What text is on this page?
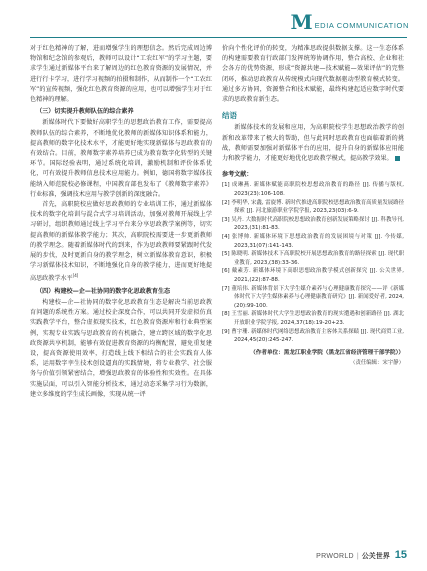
M EDIA COMMUNICATION

对于红色精神的了解，进而增强学生的理想信念。然后完成周边博物馆和纪念馆的参观后，教师可以设计“工农红军”的学习主题，要求学生通过新媒体平台来了解周边的红色教育资源的发展情况，并进行行卡学习，进行学习视频的拍摄和制作，从而制作一个“工农红军”的宣传视频，强化红色教育资源的应用，也可以增强学生对于红色精神的理解。

（三）切实提升教师队伍的综合素养

新媒体时代下要做好高职学生的思想政治教育工作，需要提高教师队伍的综合素养，不断地优化教师的新媒体知识体系和能力，提高教师的数字化技术水平，才能更好地实现新媒体与思政教育的有效结合。目前，教师数字素养培养已成为教育数字化转型的关键环节。国际经验表明，通过系统化培训，激励机制和评价体系优化，可有效提升教师信息技术应用能力。例如，德国将数字媒体技能纳入师范院校必修课程，中国教育部也发布了《教师数字素养》行业标准，强调技术应用与教学创新的深度融合。

首先，高职院校应做好思政教师的专业培训工作，通过新媒体技术的数字化培训与混合式学习培训活动，加强对教师开展线上学习研讨，组织教师通过线上学习平台来分享思政教学案例等，切实提高教师的新媒体教学能力；其次，高职院校需要进一步更新教师的教学理念。随着新媒体时代的到来，作为思政教师要紧跟时代发展的步伐，及时更新自身的教学理念，树立新媒体教育意识，积极学习新媒体技术知识，不断地强化自身的教学能力，进而更好地提高思政教学水平[4]

（四）构建校—企—社协同的数字化思政教育生态

构建校—企—社协同的数字化思政教育生态是解决当前思政教育问题的系统性方案。通过校企深度合作，可以共同开发虚拟仿真实践教学平台，整合虚拟现实技术，红色教育资源库和行业典型案例，实现专业实践与思政教育的有机融合，建立跨区域的数字化思政资源共享机制，能够有效促进教育资源的均衡配置，避免重复建设，提高资源使用效率，打造线上线下相结合的社会实践育人体系，运用数字孪生技术创设逼真的实践情境，将专业教学、社会服务与价值引领紧密结合，增强思政教育的体验性和实效性。在具体实施层面，可以引入智能分析技术，通过动态采集学习行为数据，建立多维度的学生成长画像，实现从统一评

价向个性化评价的转变，为精准思政提供数据支撑。这一生态体系的构建需要教育行政部门发挥统筹协调作用，整合高校、企业和社会各方的优势资源，形成“资源共建—技术赋能—效果评估”的完整闭环，推动思政教育从传统模式向现代数据驱动型教育模式转变。通过多方协同，资源整合和技术赋能，最终构建起适应数字时代要求的思政教育新生态。

结语

新媒体技术的发展和应用，为高职院校学生思想政治教学的创新和改革带来了极大的帮助，但与此同时思政教育也面临着新的挑战，教师需要加强对新媒体平台的应用，提升自身的新媒体应用能力和教学能力，才能更好地优化思政教学模式，提高教学效果。

参考文献：

[1] 成琳燕. 新媒体赋能高职院校思想政治教育的路径 [J]. 传播与版权, 2023(23):106-108.

[2] 李明华, 宋鑫, 雷旋博. 新时代推进高职院校思想政治教育高质量发展路径探索 [J]. 河北旅游职业学院学报, 2023,23(03):6-9.

[3] 吴丹. 大数据时代高职院校思想政治教育创新发展策略探讨 [J]. 科教导刊, 2023,(31):81-83.

[4] 张博帅. 新媒体环境下思想政治教育的发展困境与对策 [J]. 今传媒, 2023,31(07):141-143.

[5] 陈晓明. 新媒体技术下高职院校开展思想政治教育的路径探索 [J]. 现代职业教育, 2023,(38):33-36.

[6] 戴素芳. 新媒体环境下高职思想政治教学模式创新探究 [J]. 公关世界, 2021,(22):87-88.

[7] 董培伟. 新媒体背景下大学生媒介素养与心理健康教育探究——评《新媒体时代下大学生媒体素养与心理健康教育研究》[J]. 新闻爱好者, 2024,(20):99-100.

[8] 王雪丽. 新媒体时代大学生思想政治教育的现实遭遇和创新路径 [J]. 湖北开放职业学院学报, 2024,37(18):19-20+23.

[9] 曹宇珊. 新媒体时代网络思想政治教育主客体关系探赜 [J]. 现代商贸工业, 2024,45(20):245-247.

（作者单位：黑龙江职业学院（黑龙江省经济管理干部学院））
（责任编辑：宋宇静）
PRWORLD | 公关世界 15
